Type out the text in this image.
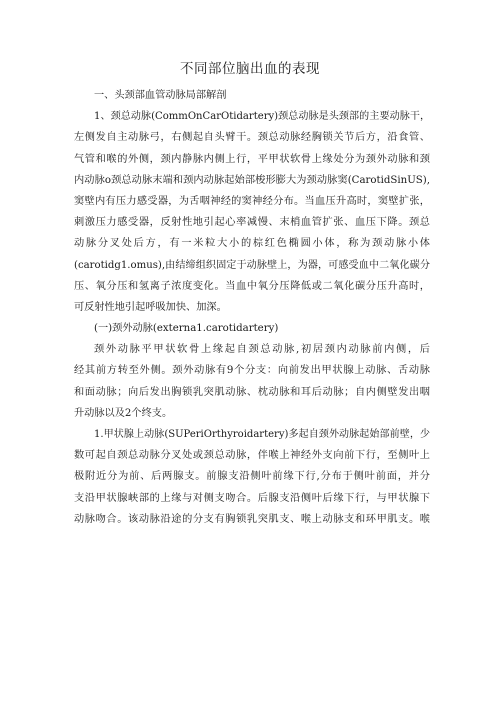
不同部位脑出血的表现
一、头颈部血管动脉局部解剖
1、颈总动脉(CommOnCarOtidartery)颈总动脉是头颈部的主要动脉干，
左侧发自主动脉弓，右侧起自头臂干。颈总动脉经胸锁关节后方，沿食管、
气管和喉的外侧，颈内静脉内侧上行，平甲状软骨上缘处分为颈外动脉和颈
内动脉o颈总动脉末端和颈内动脉起始部梭形膨大为颈动脉窦(CarotidSinUS),
窦壁内有压力感受器，为舌咽神经的窦神经分布。当血压升高时，窦壁扩张，
刺激压力感受器，反射性地引起心率减慢、末梢血管扩张、血压下降。颈总
动脉分叉处后方，有一米粒大小的棕红色椭圆小体，称为颈动脉小体
(carotidg1.omus),由结缔组织固定于动脉壁上，为器，可感受血中二氧化碳分
压、氧分压和氢离子浓度变化。当血中氧分压降低或二氧化碳分压升高时，
可反射性地引起呼吸加快、加深。
(一)颈外动脉(externa1.carotidartery)
颈外动脉平甲状软骨上缘起自颈总动脉,初居颈内动脉前内侧，后
经其前方转至外侧。颈外动脉有9个分支：向前发出甲状腺上动脉、舌动脉
和面动脉；向后发出胸锁乳突肌动脉、枕动脉和耳后动脉；自内侧壁发出咽
升动脉以及2个终支。
1.甲状腺上动脉(SUPeriOrthyroidartery)多起自颈外动脉起始部前壁，少
数可起自颈总动脉分叉处或颈总动脉，伴喉上神经外支向前下行，至侧叶上
极附近分为前、后两腺支。前腺支沿侧叶前缘下行,分布于侧叶前面，并分
支沿甲状腺峡部的上缘与对侧支吻合。后腺支沿侧叶后缘下行，与甲状腺下
动脉吻合。该动脉沿途的分支有胸锁乳突肌支、喉上动脉支和环甲肌支。喉
